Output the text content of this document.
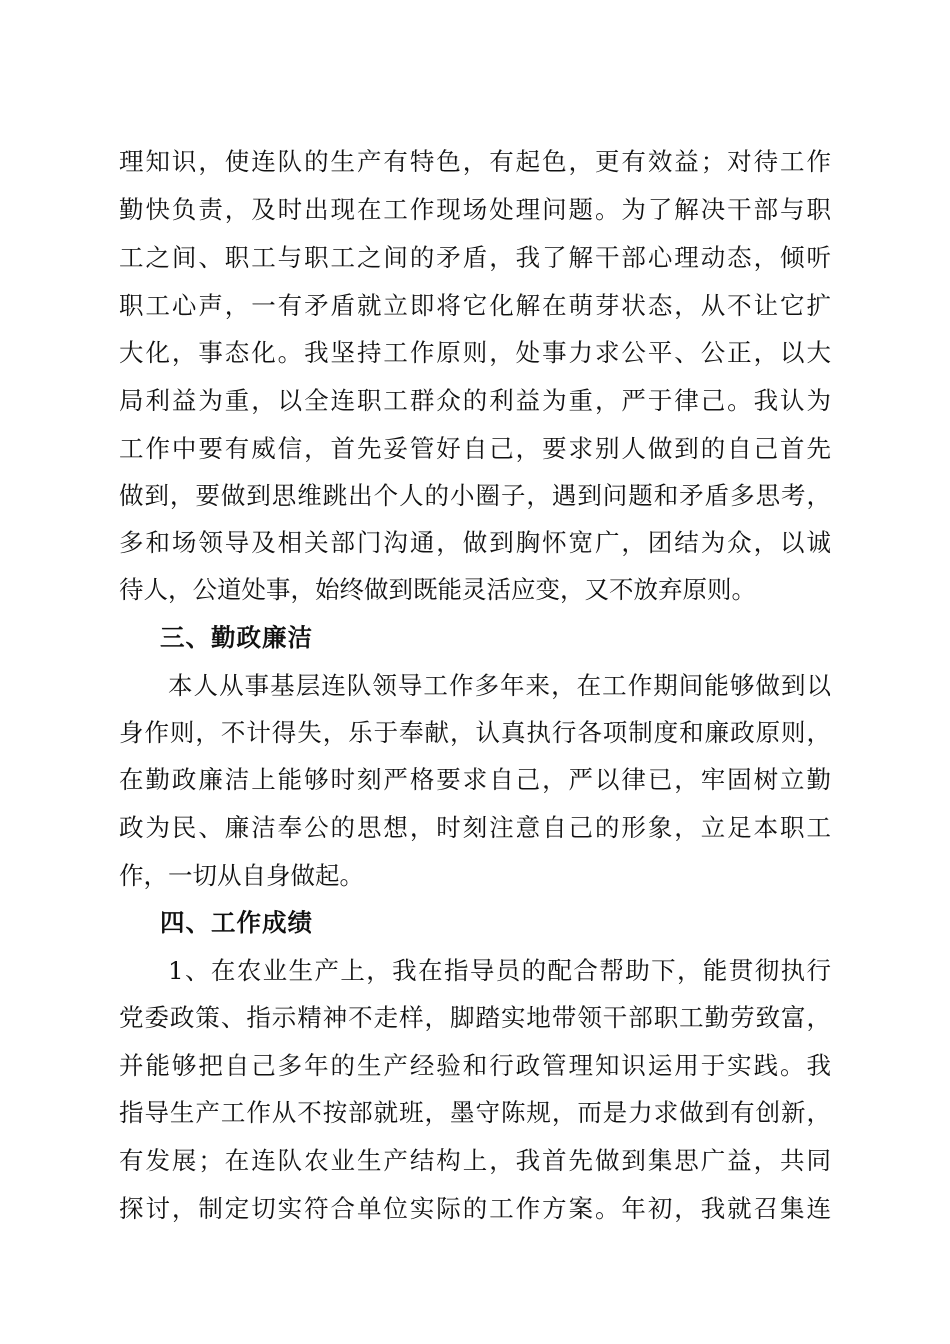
理知识，使连队的生产有特色，有起色，更有效益；对待工作
勤快负责，及时出现在工作现场处理问题。为了解决干部与职
工之间、职工与职工之间的矛盾，我了解干部心理动态，倾听
职工心声，一有矛盾就立即将它化解在萌芽状态，从不让它扩
大化，事态化。我坚持工作原则，处事力求公平、公正，以大
局利益为重，以全连职工群众的利益为重，严于律己。我认为
工作中要有威信，首先妥管好自己，要求别人做到的自己首先
做到，要做到思维跳出个人的小圈子，遇到问题和矛盾多思考，
多和场领导及相关部门沟通，做到胸怀宽广，团结为众，以诚
待人，公道处事，始终做到既能灵活应变，又不放弃原则。
三、勤政廉洁
本人从事基层连队领导工作多年来，在工作期间能够做到以
身作则，不计得失，乐于奉献，认真执行各项制度和廉政原则，
在勤政廉洁上能够时刻严格要求自己，严以律已，牢固树立勤
政为民、廉洁奉公的思想，时刻注意自己的形象，立足本职工
作，一切从自身做起。
四、工作成绩
1、在农业生产上，我在指导员的配合帮助下，能贯彻执行
党委政策、指示精神不走样，脚踏实地带领干部职工勤劳致富，
并能够把自己多年的生产经验和行政管理知识运用于实践。我
指导生产工作从不按部就班，墨守陈规，而是力求做到有创新，
有发展；在连队农业生产结构上，我首先做到集思广益，共同
探讨，制定切实符合单位实际的工作方案。年初，我就召集连
